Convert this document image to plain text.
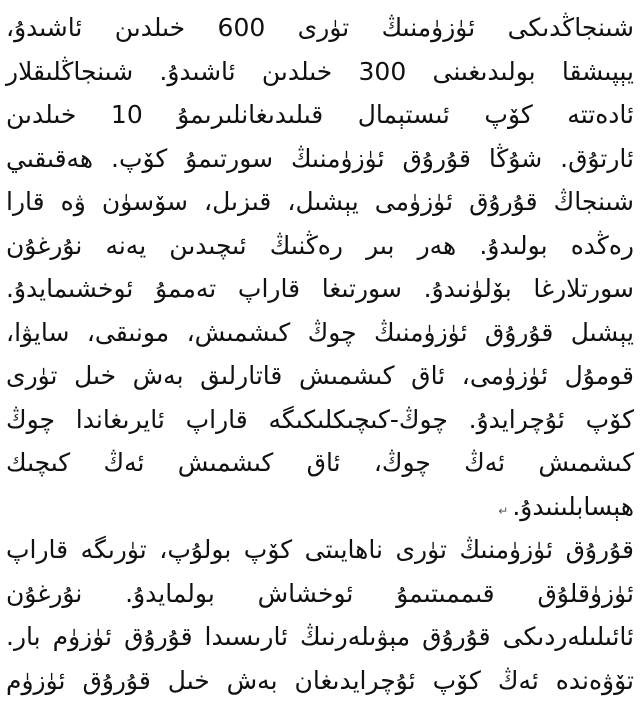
شىنجاڭدىكى ئۈزۈمنىڭ تۈرى 600 خىلدىن ئاشىدۇ،
يېپىشقا بولىدىغىنى 300 خىلدىن ئاشىدۇ. شىنجاڭلىقلار
ئادەتتە كۆپ ئىستېمال قىلىدىغانلىرىمۇ 10 خىلدىن
ئارتۇق. شۇڭا قۇرۇق ئۈزۈمنىڭ سورتىمۇ كۆپ. ھەقىقىي
شىنجاڭ قۇرۇق ئۈزۈمى يېشىل، قىزىل، سۆسۈن ۋە قارا
رەڭدە بولىدۇ. ھەر بىر رەڭنىڭ ئىچىدىن يەنە نۇرغۇن
سورتلارغا بۆلۈنىدۇ. سورتىغا قاراپ تەممۇ ئوخشىمايدۇ.
يېشىل قۇرۇق ئۈزۈمنىڭ چوڭ كىشمىش، مونىقى، سايۋا،
قومۇل ئۈزۈمى، ئاق كىشمىش قاتارلىق بەش خىل تۈرى
كۆپ ئۇچرايدۇ. چوڭ-كىچىكلىكىگە قاراپ ئايرىغاندا چوڭ
كىشمىش ئەڭ چوڭ، ئاق كىشمىش ئەڭ كىچىك
ھېسابلىنىدۇ.↵
قۇرۇق ئۈزۈمنىڭ تۈرى ناھايىتى كۆپ بولۇپ، تۈرىگە قاراپ
ئۈزۈقلۇق قىممىتىمۇ ئوخشاش بولمايدۇ. نۇرغۇن
ئائىلىلەردىكى قۇرۇق مېۋىلەرنىڭ ئارىسىدا قۇرۇق ئۈزۈم بار.
تۆۋەندە ئەڭ كۆپ ئۇچرايدىغان بەش خىل قۇرۇق ئۈزۈم
